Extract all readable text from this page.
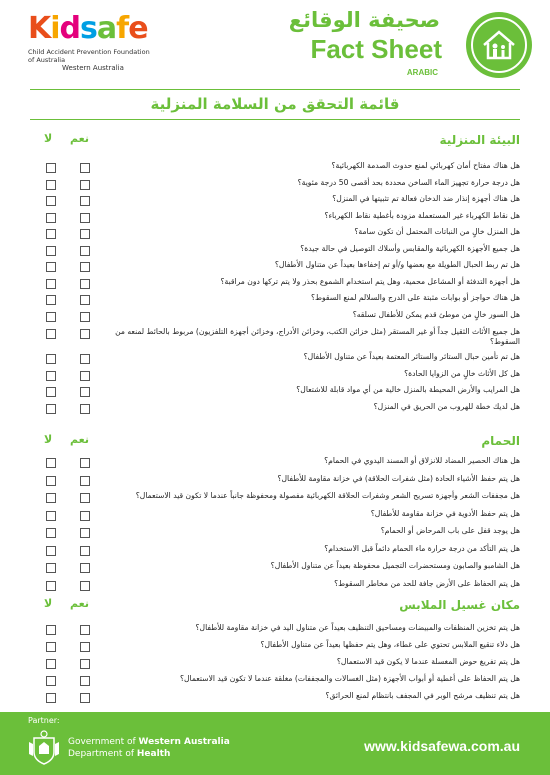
Kidsafe
Child Accident Prevention Foundation of Australia
Western Australia
صحيفة الوقائع
Fact Sheet
ARABIC
قائمة التحقق من السلامة المنزلية
البيئة المنزلية
نعم
لا
هل هناك مفتاح أمان كهربائي لمنع حدوث الصدمة الكهربائية؟
هل درجة حرارة تجهيز الماء الساخن محددة بحد أقصى 50 درجة مئوية؟
هل هناك أجهزة إنذار ضد الدخان فعالة تم تثبيتها في المنزل؟
هل نقاط الكهرباء غير المستعملة مزودة بأغطية نقاط الكهرباء؟
هل المنزل خالٍ من النباتات المحتمل أن تكون سامة؟
هل جميع الأجهزة الكهربائية والمقابس وأسلاك التوصيل في حالة جيدة؟
هل تم ربط الحبال الطويلة مع بعضها و/أو تم إخفاءها بعيداً عن متناول الأطفال؟
هل أجهزة التدفئة أو المشاعل محمية، وهل يتم استخدام الشموع بحذر ولا يتم تركها دون مراقبة؟
هل هناك حواجز أو بوابات مثبتة على الدرج والسلالم لمنع السقوط؟
هل السور خالٍ من موطئ قدم يمكن للأطفال تسلقه؟
هل جميع الأثاث الثقيل جداً أو غير المستقر (مثل خزائن الكتب، وخزائن الأدراج، وخزائن أجهزة التلفزيون) مربوط بالحائط لمنعه من السقوط؟
هل تم تأمين حبال الستائر والستائر المعتمة بعيداً عن متناول الأطفال؟
هل كل الأثاث خالٍ من الزوايا الحادة؟
هل المرايب والأرض المحيطة بالمنزل خالية من أي مواد قابلة للاشتعال؟
هل لديك خطة للهروب من الحريق في المنزل؟
الحمام
نعم
لا
هل هناك الحصير المضاد للانزلاق أو المسند اليدوي في الحمام؟
هل يتم حفظ الأشياء الحادة (مثل شفرات الحلاقة) في خزانة مقاومة للأطفال؟
هل مجففات الشعر وأجهزة تسريح الشعر وشفرات الحلاقة الكهربائية مفصولة ومحفوظة جانباً عندما لا تكون قيد الاستعمال؟
هل يتم حفظ الأدوية في خزانة مقاومة للأطفال؟
هل يوجد قفل على باب المرحاض أو الحمام؟
هل يتم التأكد من درجة حرارة ماء الحمام دائماً قبل الاستخدام؟
هل الشامبو والصابون ومستحضرات التجميل محفوظة بعيداً عن متناول الأطفال؟
هل يتم الحفاظ على الأرض جافة للحد من مخاطر السقوط؟
مكان غسيل الملابس
نعم
لا
هل يتم تخزين المنظفات والمبيضات ومساحيق التنظيف بعيداً عن متناول اليد في خزانة مقاومة للأطفال؟
هل دلاء تنقيع الملابس تحتوي على غطاء، وهل يتم حفظها بعيداً عن متناول الأطفال؟
هل يتم تفريغ حوض المغسلة عندما لا يكون قيد الاستعمال؟
هل يتم الحفاظ على أغطية أو أبواب الأجهزة (مثل الغسالات والمجففات) مغلقة عندما لا تكون قيد الاستعمال؟
هل يتم تنظيف مرشح الوبر في المجفف بانتظام لمنع الحرائق؟
Partner:
Government of Western Australia
Department of Health	www.kidsafewa.com.au
